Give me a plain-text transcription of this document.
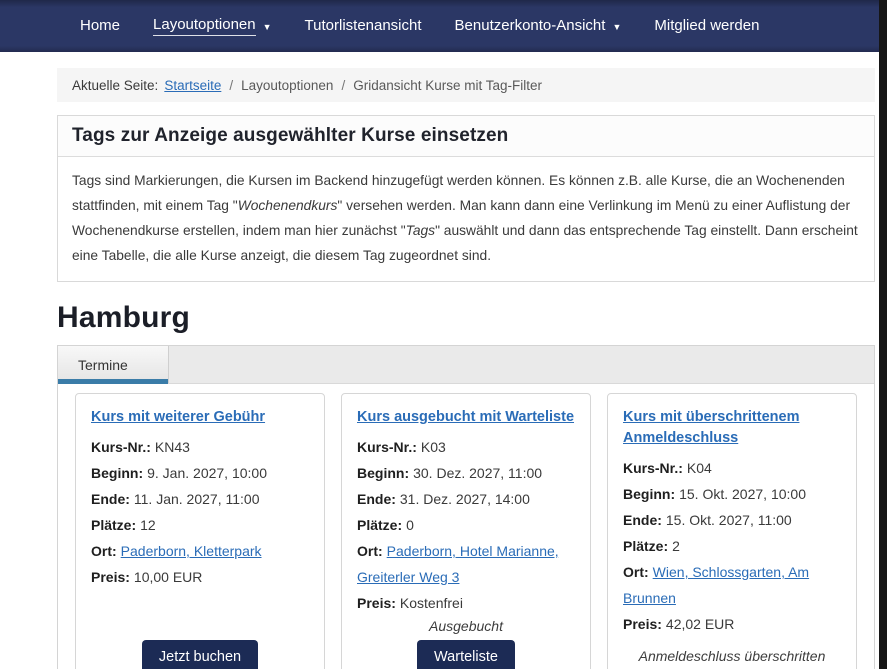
Home Layoutoptionen ▼ Tutorlistenansicht Benutzerkonto-Ansicht ▼ Mitglied werden
Aktuelle Seite: Startseite / Layoutoptionen / Gridansicht Kurse mit Tag-Filter
Tags zur Anzeige ausgewählter Kurse einsetzen

Tags sind Markierungen, die Kursen im Backend hinzugefügt werden können. Es können z.B. alle Kurse, die an Wochenenden stattfinden, mit einem Tag "Wochenendkurs" versehen werden. Man kann dann eine Verlinkung im Menü zu einer Auflistung der Wochenendkurse erstellen, indem man hier zunächst "Tags" auswählt und dann das entsprechende Tag einstellt. Dann erscheint eine Tabelle, die alle Kurse anzeigt, die diesem Tag zugeordnet sind.

Hamburg
Termine
Kurs mit weiterer Gebühr
Kurs-Nr.: KN43
Beginn: 9. Jan. 2027, 10:00
Ende: 11. Jan. 2027, 11:00
Plätze: 12
Ort: Paderborn, Kletterpark
Preis: 10,00 EUR
Jetzt buchen
Kurs ausgebucht mit Warteliste
Kurs-Nr.: K03
Beginn: 30. Dez. 2027, 11:00
Ende: 31. Dez. 2027, 14:00
Plätze: 0
Ort: Paderborn, Hotel Marianne, Greiterler Weg 3
Preis: Kostenfrei
Ausgebucht
Warteliste
Kurs mit überschrittenem Anmeldeschluss
Kurs-Nr.: K04
Beginn: 15. Okt. 2027, 10:00
Ende: 15. Okt. 2027, 11:00
Plätze: 2
Ort: Wien, Schlossgarten, Am Brunnen
Preis: 42,02 EUR
Anmeldeschluss überschritten
